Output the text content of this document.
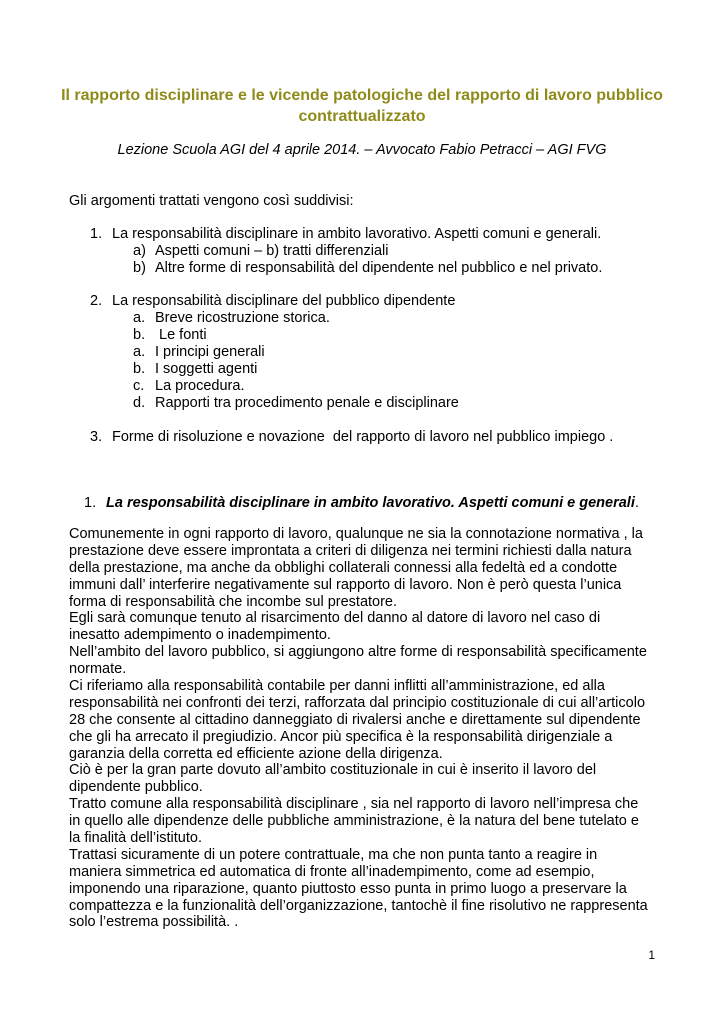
Il rapporto disciplinare e le vicende patologiche del rapporto di lavoro pubblico contrattualizzato
Lezione Scuola AGI del 4 aprile 2014. – Avvocato Fabio Petracci – AGI FVG
Gli argomenti trattati vengono così suddivisi:
1. La responsabilità disciplinare in ambito lavorativo. Aspetti comuni e generali.
a) Aspetti comuni – b) tratti differenziali
b) Altre forme di responsabilità del dipendente nel pubblico e nel privato.
2. La responsabilità disciplinare del pubblico dipendente
a. Breve ricostruzione storica.
b. Le fonti
a. I principi generali
b. I soggetti agenti
c. La procedura.
d. Rapporti tra procedimento penale e disciplinare
3. Forme di risoluzione e novazione  del rapporto di lavoro nel pubblico impiego .
1. La responsabilità disciplinare in ambito lavorativo. Aspetti comuni e generali.
Comunemente in ogni rapporto di lavoro, qualunque ne sia la connotazione normativa , la
prestazione deve essere improntata a criteri di diligenza nei termini richiesti dalla natura
della prestazione, ma anche da obblighi collaterali connessi alla fedeltà ed a condotte
immuni dall’ interferire negativamente sul rapporto di lavoro. Non è però questa l’unica
forma di responsabilità che incombe sul prestatore.
Egli sarà comunque tenuto al risarcimento del danno al datore di lavoro nel caso di
inesatto adempimento o inadempimento.
Nell’ambito del lavoro pubblico, si aggiungono altre forme di responsabilità specificamente
normate.
Ci riferiamo alla responsabilità contabile per danni inflitti all’amministrazione, ed alla
responsabilità nei confronti dei terzi, rafforzata dal principio costituzionale di cui all’articolo
28 che consente al cittadino danneggiato di rivalersi anche e direttamente sul dipendente
che gli ha arrecato il pregiudizio. Ancor più specifica è la responsabilità dirigenziale a
garanzia della corretta ed efficiente azione della dirigenza.
Ciò è per la gran parte dovuto all’ambito costituzionale in cui è inserito il lavoro del
dipendente pubblico.
Tratto comune alla responsabilità disciplinare , sia nel rapporto di lavoro nell’impresa che
in quello alle dipendenze delle pubbliche amministrazione, è la natura del bene tutelato e
la finalità dell’istituto.
Trattasi sicuramente di un potere contrattuale, ma che non punta tanto a reagire in
maniera simmetrica ed automatica di fronte all’inadempimento, come ad esempio,
imponendo una riparazione, quanto piuttosto esso punta in primo luogo a preservare la
compattezza e la funzionalità dell’organizzazione, tantochè il fine risolutivo ne rappresenta
solo l’estrema possibilità. .
1
